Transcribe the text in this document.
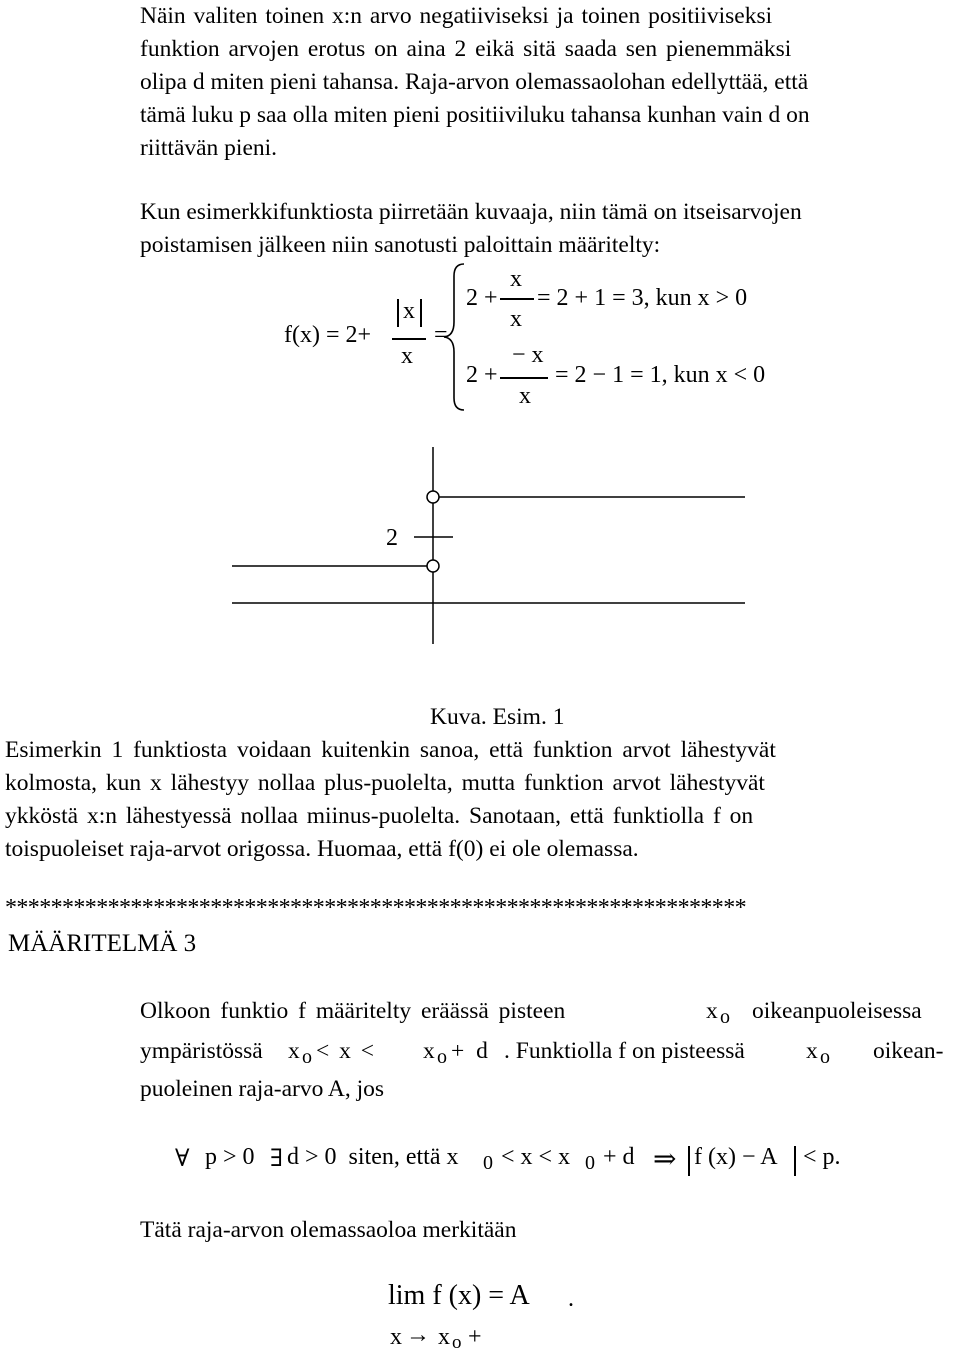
Näin valiten toinen x:n arvo negatiiviseksi ja toinen positiiviseksi
funktion arvojen erotus on aina 2 eikä sitä saada sen pienemmäksi
olipa d miten pieni tahansa. Raja-arvon olemassaolohan edellyttää, että
tämä luku p saa olla miten pieni positiiviluku tahansa kunhan vain d on
riittävän pieni.
Kun esimerkkifunktiosta piirretään kuvaaja, niin tämä on itseisarvojen
poistamisen jälkeen niin sanotusti paloittain määritelty:
f(x) = 2+
x
x
=
2 +
x
x
= 2 + 1 = 3, kun x > 0
2 +
− x
x
= 2 − 1 = 1, kun x < 0
2
Kuva. Esim. 1
Esimerkin 1 funktiosta voidaan kuitenkin sanoa, että funktion arvot lähestyvät
kolmosta, kun x lähestyy nollaa plus-puolelta, mutta funktion arvot lähestyvät
ykköstä x:n lähestyessä nollaa miinus-puolelta. Sanotaan, että funktiolla f on
toispuoleiset raja-arvot origossa. Huomaa, että f(0) ei ole olemassa.
*****************************************************************
MÄÄRITELMÄ 3
Olkoon funktio f määritelty eräässä pisteen	x o oikeanpuoleisessa
ympäristössä x o < x < x o + d . Funktiolla f on pisteessä	x o oikean-
puoleinen raja-arvo A, jos
∀ p > 0 ∃ d > 0  siten, että x 0 < x < x 0 + d ⇒ f (x) − A < p.
Tätä raja-arvon olemassaoloa merkitään
lim f (x) = A .
x → x o +
